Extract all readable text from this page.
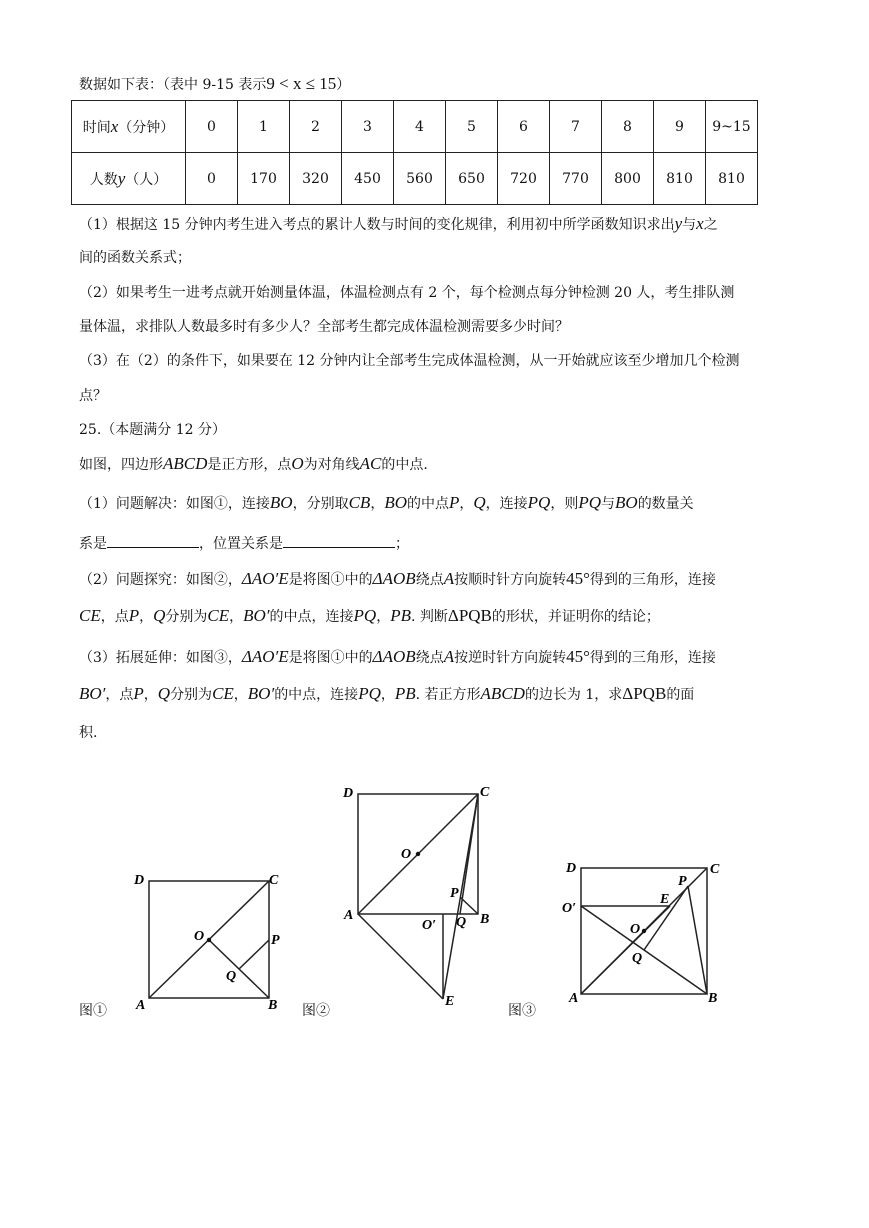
数据如下表：（表中 9-15 表示9 < x ≤ 15）
时间x（分钟）	0	1	2	3	4	5	6	7	8	9	9~15
人数y（人）	0	170	320	450	560	650	720	770	800	810	810
（1）根据这 15 分钟内考生进入考点的累计人数与时间的变化规律，利用初中所学函数知识求出y与x之
间的函数关系式；
（2）如果考生一进考点就开始测量体温，体温检测点有 2 个，每个检测点每分钟检测 20 人，考生排队测
量体温，求排队人数最多时有多少人？全部考生都完成体温检测需要多少时间？
（3）在（2）的条件下，如果要在 12 分钟内让全部考生完成体温检测，从一开始就应该至少增加几个检测
点？
25.（本题满分 12 分）
如图，四边形ABCD是正方形，点O为对角线AC的中点.
（1）问题解决：如图①，连接BO，分别取CB，BO的中点P，Q，连接PQ，则PQ与BO的数量关
系是	，位置关系是	；
（2）问题探究：如图②，ΔAO′E是将图①中的ΔAOB绕点A按顺时针方向旋转45°得到的三角形，连接
CE，点P，Q分别为CE，BO′的中点，连接PQ，PB. 判断ΔPQB的形状，并证明你的结论；
（3）拓展延伸：如图③，ΔAO′E是将图①中的ΔAOB绕点A按逆时针方向旋转45°得到的三角形，连接
BO′，点P，Q分别为CE，BO′的中点，连接PQ，PB. 若正方形ABCD的边长为 1，求ΔPQB的面
积.
D	C
A	B
O	P
Q
图①
D	C
A	B
O
P
Q
O′
E
图②
D	C
A	B
O
P
Q
O′
E
图③
